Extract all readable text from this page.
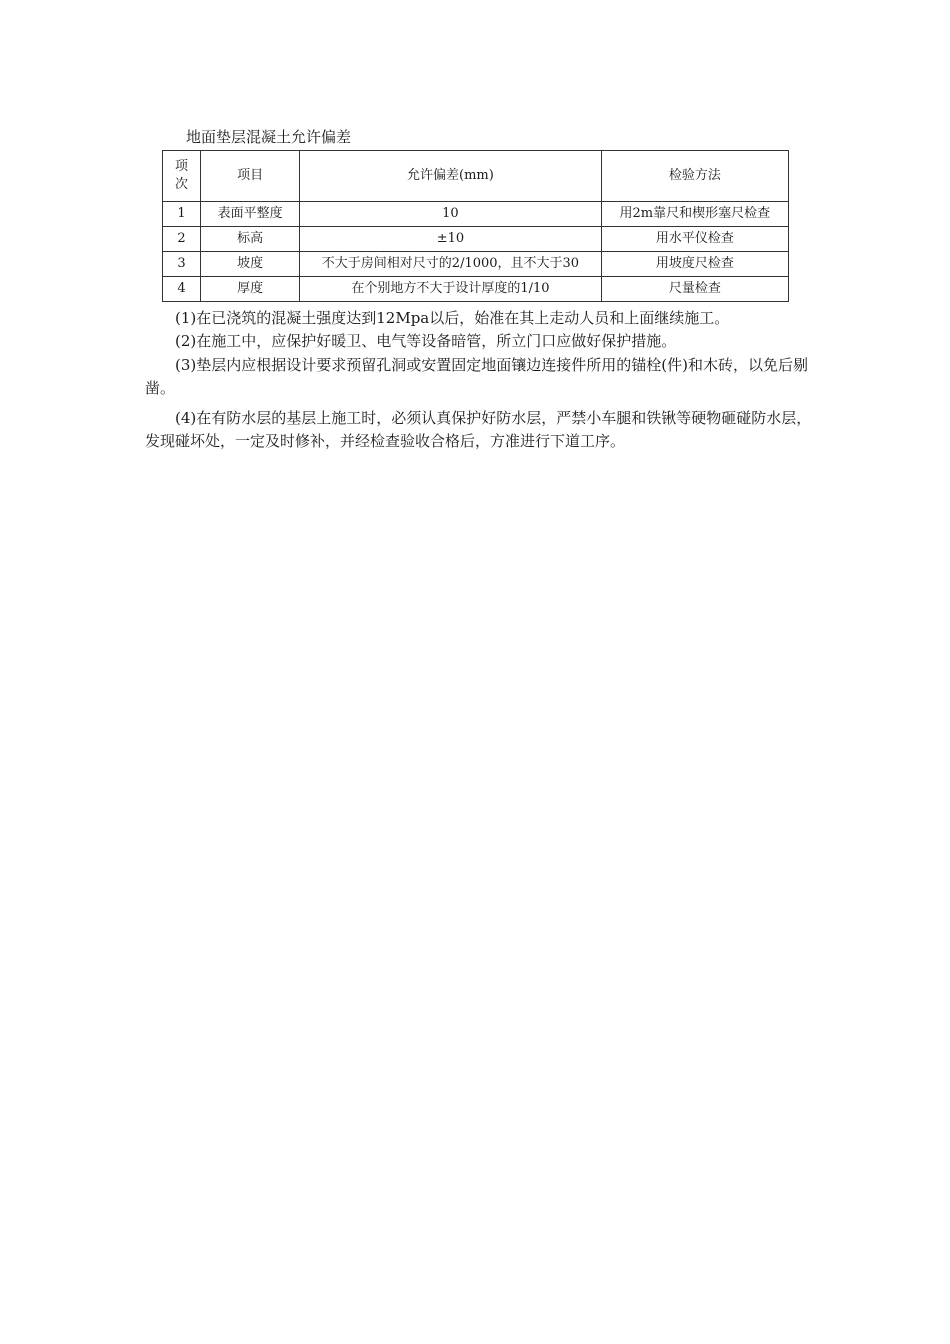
地面垫层混凝土允许偏差
项
次	项目	允许偏差(mm)	检验方法
1	表面平整度	10	用2m靠尺和楔形塞尺检查
2	标高	±10	用水平仪检查
3	坡度	不大于房间相对尺寸的2/1000，且不大于30	用坡度尺检查
4	厚度	在个别地方不大于设计厚度的1/10	尺量检查

(1)在已浇筑的混凝土强度达到12Mpa以后，始准在其上走动人员和上面继续施工。

(2)在施工中，应保护好暖卫、电气等设备暗管，所立门口应做好保护措施。

(3)垫层内应根据设计要求预留孔洞或安置固定地面镶边连接件所用的锚栓(件)和木砖，以免后剔凿。

(4)在有防水层的基层上施工时，必须认真保护好防水层，严禁小车腿和铁锹等硬物砸碰防水层，发现碰坏处，一定及时修补，并经检查验收合格后，方准进行下道工序。
